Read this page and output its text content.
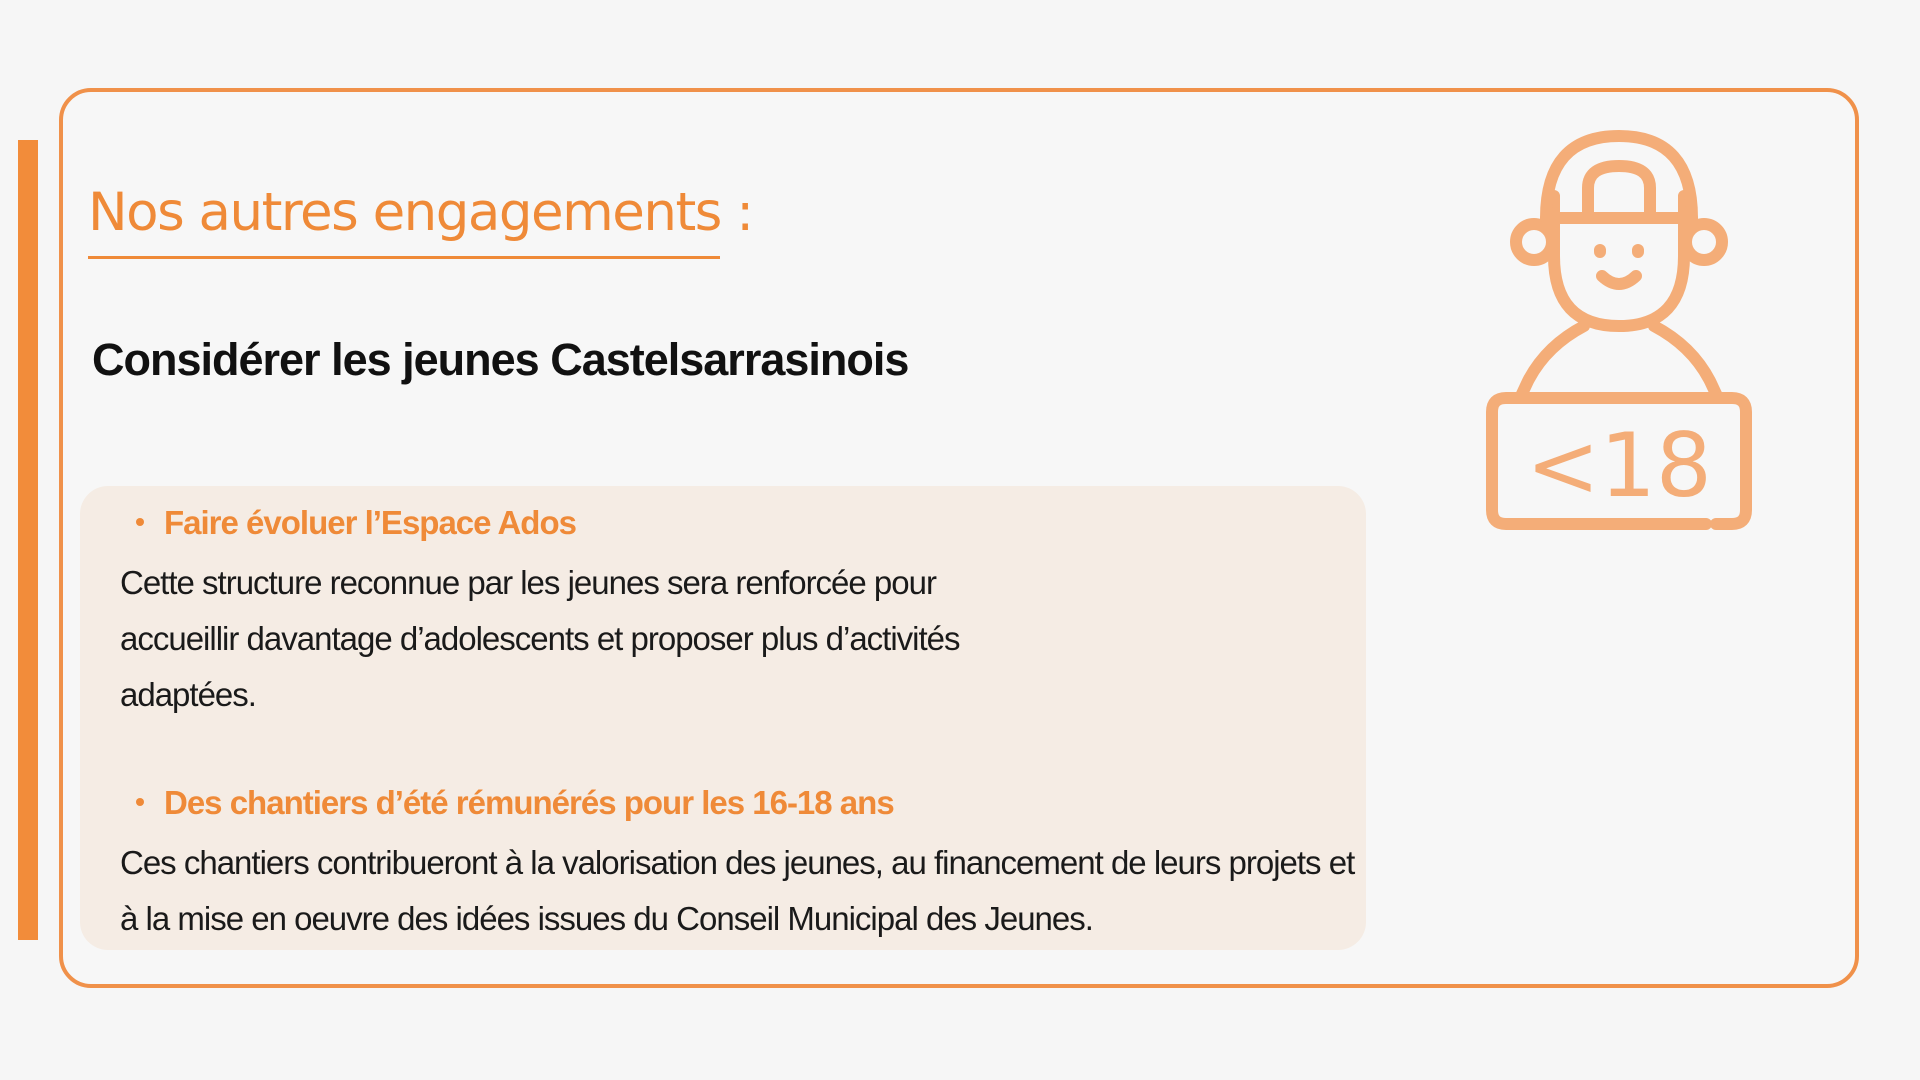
Nos autres engagements :
Considérer les jeunes Castelsarrasinois

Faire évoluer l’Espace Ados

Cette structure reconnue par les jeunes sera renforcée pour
accueillir davantage d’adolescents et proposer plus d’activités
adaptées.

Des chantiers d’été rémunérés pour les 16-18 ans

Ces chantiers contribueront à la valorisation des jeunes, au financement de leurs projets et
à la mise en oeuvre des idées issues du Conseil Municipal des Jeunes.
<18
